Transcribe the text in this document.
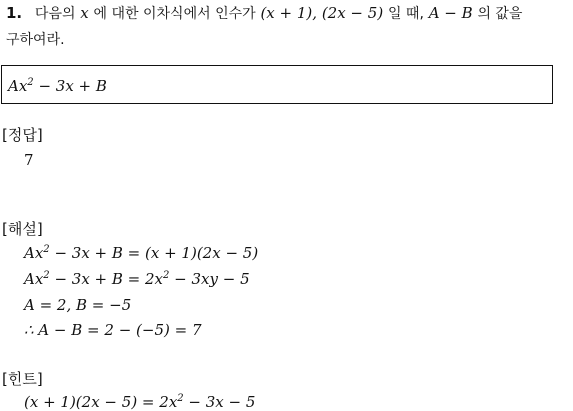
1. 다음의 x 에 대한 이차식에서 인수가 (x + 1), (2x − 5) 일 때, A − B 의 값을
구하여라.
$Ax^2 - 3x + B$
[정답]
7
[해설]
$Ax^2 - 3x + B = (x + 1)(2x - 5)$
$Ax^2 - 3x + B = 2x^2 - 3xy - 5$
A = 2, B = −5
∴ A − B = 2 − (−5) = 7
[힌트]
$(x + 1)(2x - 5) = 2x^2 - 3x - 5$
